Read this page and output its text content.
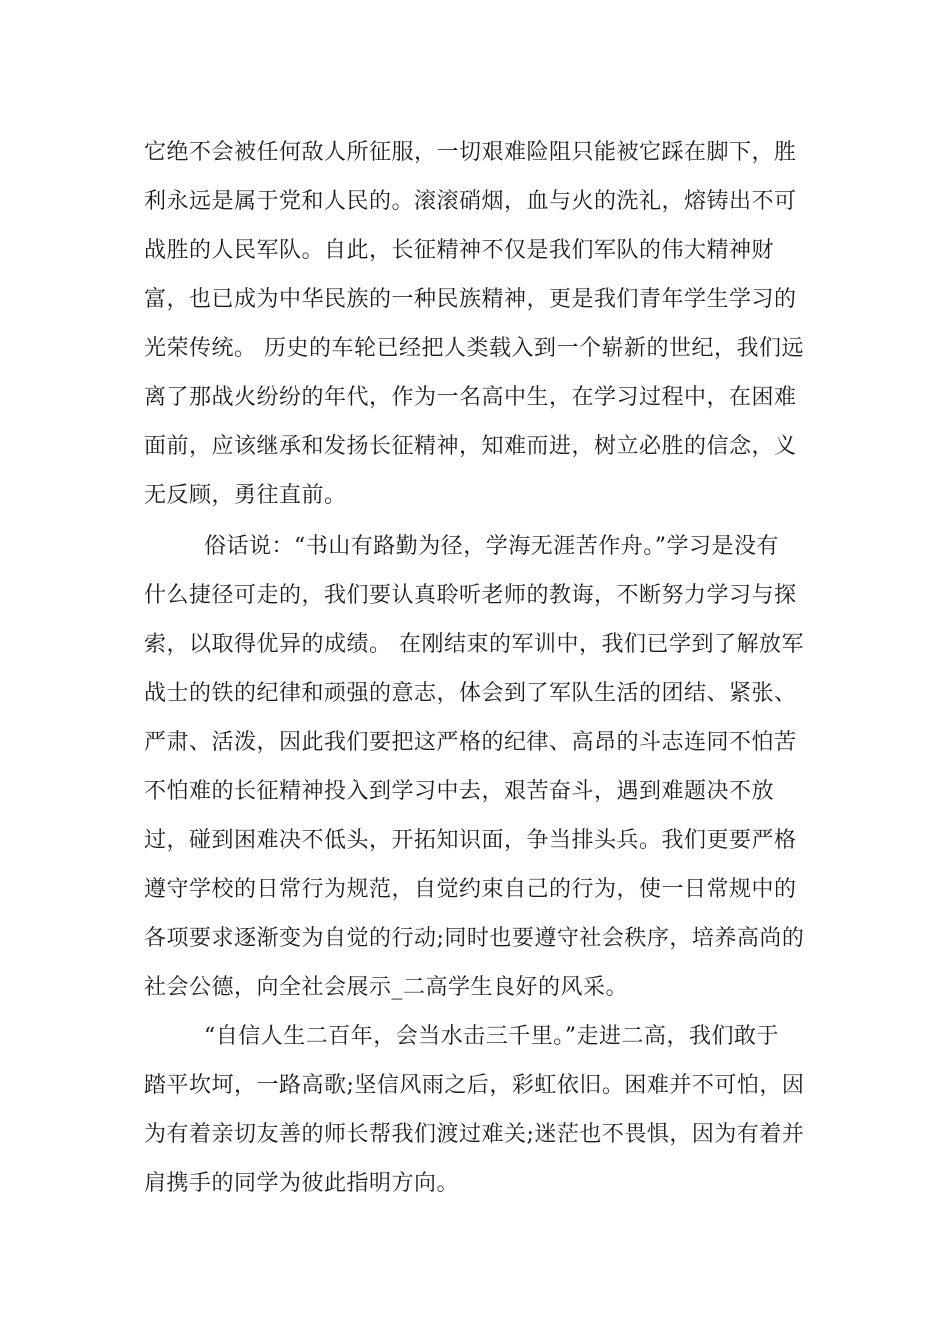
它绝不会被任何敌人所征服，一切艰难险阻只能被它踩在脚下，胜
利永远是属于党和人民的。滚滚硝烟，血与火的洗礼，熔铸出不可
战胜的人民军队。自此，长征精神不仅是我们军队的伟大精神财
富，也已成为中华民族的一种民族精神，更是我们青年学生学习的
光荣传统。 历史的车轮已经把人类载入到一个崭新的世纪，我们远
离了那战火纷纷的年代，作为一名高中生，在学习过程中，在困难
面前，应该继承和发扬长征精神，知难而进，树立必胜的信念，义
无反顾，勇往直前。
俗话说：“书山有路勤为径，学海无涯苦作舟。”学习是没有
什么捷径可走的，我们要认真聆听老师的教诲，不断努力学习与探
索，以取得优异的成绩。 在刚结束的军训中，我们已学到了解放军
战士的铁的纪律和顽强的意志，体会到了军队生活的团结、紧张、
严肃、活泼，因此我们要把这严格的纪律、高昂的斗志连同不怕苦
不怕难的长征精神投入到学习中去，艰苦奋斗，遇到难题决不放
过，碰到困难决不低头，开拓知识面，争当排头兵。我们更要严格
遵守学校的日常行为规范，自觉约束自己的行为，使一日常规中的
各项要求逐渐变为自觉的行动;同时也要遵守社会秩序，培养高尚的
社会公德，向全社会展示_二高学生良好的风采。
“自信人生二百年，会当水击三千里。”走进二高，我们敢于
踏平坎坷，一路高歌;坚信风雨之后，彩虹依旧。困难并不可怕，因
为有着亲切友善的师长帮我们渡过难关;迷茫也不畏惧，因为有着并
肩携手的同学为彼此指明方向。
